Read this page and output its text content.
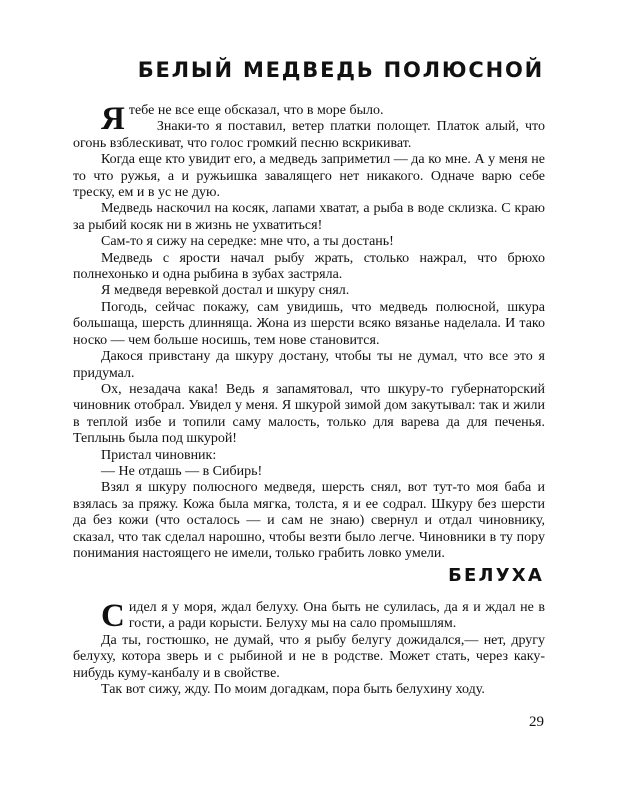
БЕЛЫЙ МЕДВЕДЬ ПОЛЮСНОЙ

Я тебе не все еще обсказал, что в море было.

Знаки-то я поставил, ветер платки полощет. Платок алый, что огонь взблескиват, что голос громкий песню вскрикиват.

Когда еще кто увидит его, а медведь заприметил — да ко мне. А у меня не то что ружья, а и ружьишка завалящего нет никакого. Одначе варю себе треску, ем и в ус не дую.

Медведь наскочил на косяк, лапами хватат, а рыба в воде склизка. С краю за рыбий косяк ни в жизнь не ухватиться!

Сам-то я сижу на середке: мне что, а ты достань!

Медведь с ярости начал рыбу жрать, столько нажрал, что брюхо полнехонько и одна рыбина в зубах застряла.

Я медведя веревкой достал и шкуру снял.

Погодь, сейчас покажу, сам увидишь, что медведь полюсной, шкура большаща, шерсть длинняща. Жона из шерсти всяко вязанье наделала. И тако носко — чем больше носишь, тем нове становится.

Дакося привстану да шкуру достану, чтобы ты не думал, что все это я придумал.

Ох, незадача кака! Ведь я запамятовал, что шкуру-то губернаторский чиновник отобрал. Увидел у меня. Я шкурой зимой дом закутывал: так и жили в теплой избе и топили саму малость, только для варева да для печенья. Теплынь была под шкурой!

Пристал чиновник:

— Не отдашь — в Сибирь!

Взял я шкуру полюсного медведя, шерсть снял, вот тут-то моя баба и взялась за пряжу. Кожа была мягка, толста, я и ее содрал. Шкуру без шерсти да без кожи (что осталось — и сам не знаю) свернул и отдал чиновнику, сказал, что так сделал нарошно, чтобы везти было легче. Чиновники в ту пору понимания настоящего не имели, только грабить ловко умели.

БЕЛУХА

Сидел я у моря, ждал белуху. Она быть не сулилась, да я и ждал не в гости, а ради корысти. Белуху мы на сало промышлям.

Да ты, гостюшко, не думай, что я рыбу белугу дожидался,— нет, другу белуху, котора зверь и с рыбиной и не в родстве. Может стать, через каку-нибудь куму-канбалу и в свойстве.

Так вот сижу, жду. По моим догадкам, пора быть белухину ходу.

29
